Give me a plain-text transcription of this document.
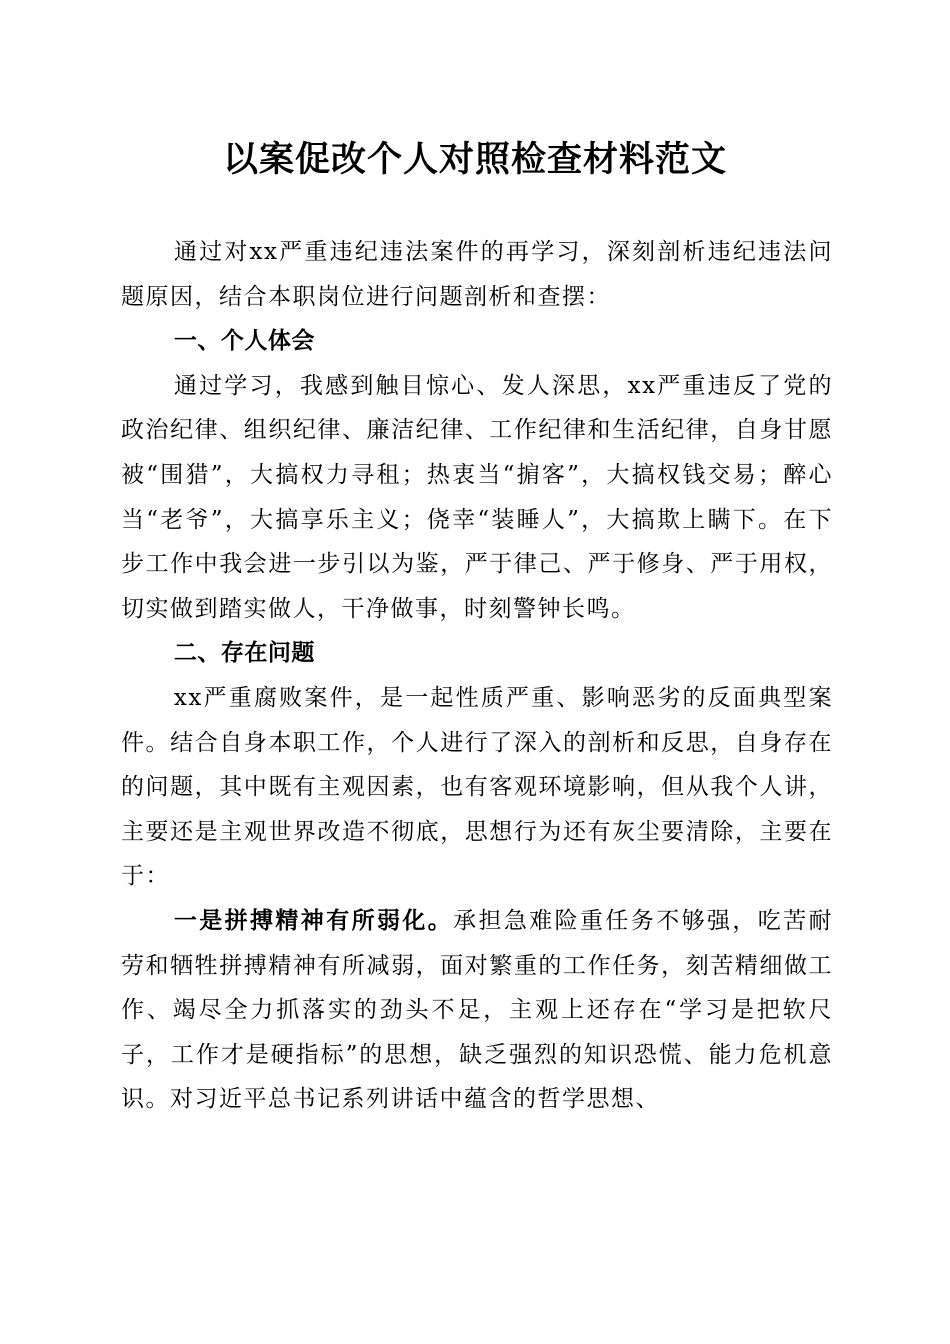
以案促改个人对照检查材料范文

通过对xx严重违纪违法案件的再学习，深刻剖析违纪违法问题原因，结合本职岗位进行问题剖析和查摆：

一、个人体会

通过学习，我感到触目惊心、发人深思，xx严重违反了党的政治纪律、组织纪律、廉洁纪律、工作纪律和生活纪律，自身甘愿被“围猎”，大搞权力寻租；热衷当“掮客”，大搞权钱交易；醉心当“老爷”，大搞享乐主义；侥幸“装睡人”，大搞欺上瞒下。在下步工作中我会进一步引以为鉴，严于律己、严于修身、严于用权，切实做到踏实做人，干净做事，时刻警钟长鸣。

二、存在问题

xx严重腐败案件，是一起性质严重、影响恶劣的反面典型案件。结合自身本职工作，个人进行了深入的剖析和反思，自身存在的问题，其中既有主观因素，也有客观环境影响，但从我个人讲，主要还是主观世界改造不彻底，思想行为还有灰尘要清除，主要在于：

一是拼搏精神有所弱化。承担急难险重任务不够强，吃苦耐劳和牺牲拼搏精神有所减弱，面对繁重的工作任务，刻苦精细做工作、竭尽全力抓落实的劲头不足，主观上还存在“学习是把软尺子，工作才是硬指标”的思想，缺乏强烈的知识恐慌、能力危机意识。对习近平总书记系列讲话中蕴含的哲学思想、
